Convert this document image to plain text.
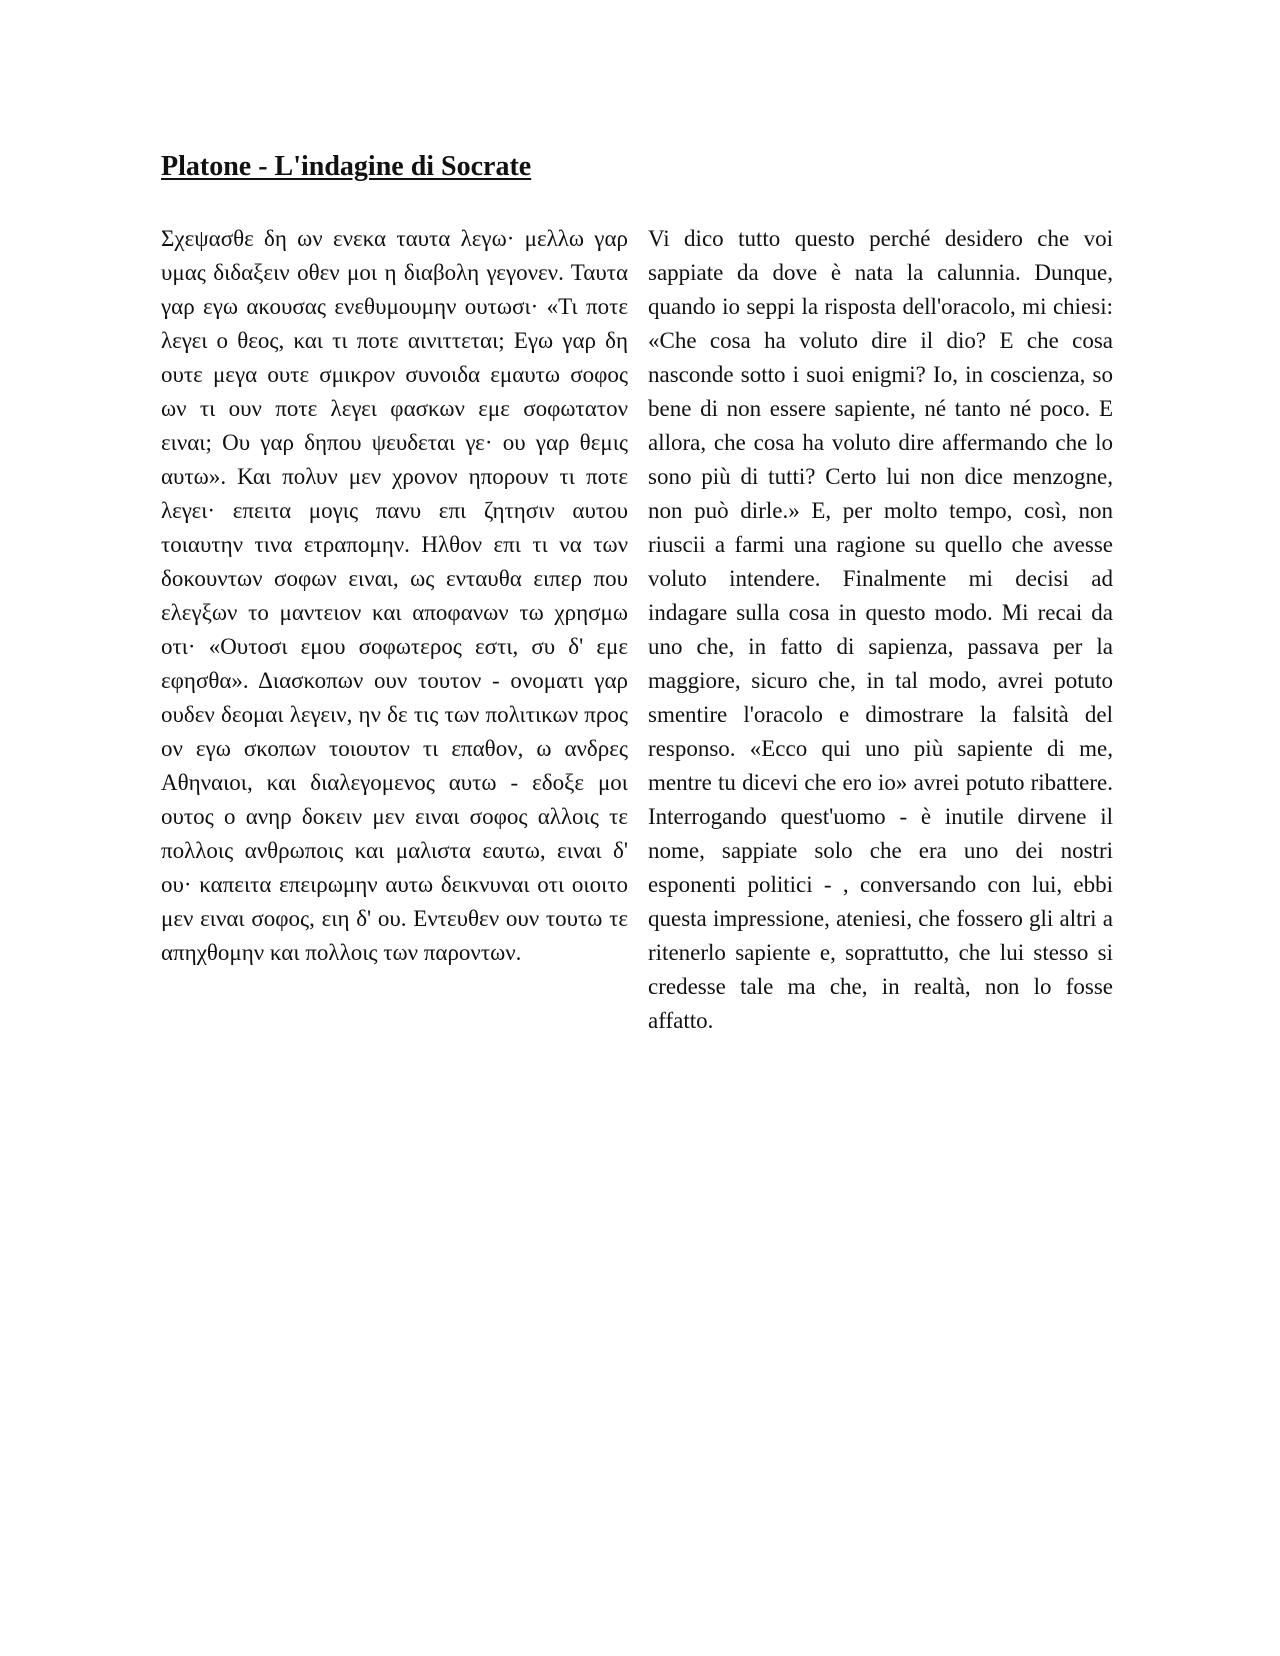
Platone - L'indagine di Socrate

Σχεψασθε δη ων ενεκα ταυτα λεγω· μελλω γαρ υμας διδαξειν οθεν μοι η διαβολη γεγονεν. Ταυτα γαρ εγω ακουσας ενεθυμουμην ουτωσι· «Τι ποτε λεγει ο θεος, και τι ποτε αινιττεται; Εγω γαρ δη ουτε μεγα ουτε σμικρον συνοιδα εμαυτω σοφος ων τι ουν ποτε λεγει φασκων εμε σοφωτατον ειναι; Ου γαρ δηπου ψευδεται γε· ου γαρ θεμις αυτω». Και πολυν μεν χρονον ηπορουν τι ποτε λεγει· επειτα μογις πανυ επι ζητησιν αυτου τοιαυτην τινα ετραπομην. Ηλθον επι τι να των δοκουντων σοφων ειναι, ως ενταυθα ειπερ που ελεγξων το μαντειον και αποφανων τω χρησμω οτι· «Ουτοσι εμου σοφωτερος εστι, συ δ' εμε εφησθα». Διασκοπων ουν τουτον - ονοματι γαρ ουδεν δεομαι λεγειν, ην δε τις των πολιτικων προς ον εγω σκοπων τοιουτον τι επαθον, ω ανδρες Αθηναιοι, και διαλεγομενος αυτω - εδοξε μοι ουτος ο ανηρ δοκειν μεν ειναι σοφος αλλοις τε πολλοις ανθρωποις και μαλιστα εαυτω, ειναι δ' ου· καπειτα επειρωμην αυτω δεικνυναι οτι οιοιτο μεν ειναι σοφος, ειη δ' ου. Εντευθεν ουν τουτω τε απηχθομην και πολλοις των παροντων.

Vi dico tutto questo perché desidero che voi sappiate da dove è nata la calunnia. Dunque, quando io seppi la risposta dell'oracolo, mi chiesi: «Che cosa ha voluto dire il dio? E che cosa nasconde sotto i suoi enigmi? Io, in coscienza, so bene di non essere sapiente, né tanto né poco. E allora, che cosa ha voluto dire affermando che lo sono più di tutti? Certo lui non dice menzogne, non può dirle.» E, per molto tempo, così, non riuscii a farmi una ragione su quello che avesse voluto intendere. Finalmente mi decisi ad indagare sulla cosa in questo modo. Mi recai da uno che, in fatto di sapienza, passava per la maggiore, sicuro che, in tal modo, avrei potuto smentire l'oracolo e dimostrare la falsità del responso. «Ecco qui uno più sapiente di me, mentre tu dicevi che ero io» avrei potuto ribattere. Interrogando quest'uomo - è inutile dirvene il nome, sappiate solo che era uno dei nostri esponenti politici - , conversando con lui, ebbi questa impressione, ateniesi, che fossero gli altri a ritenerlo sapiente e, soprattutto, che lui stesso si credesse tale ma che, in realtà, non lo fosse affatto.
